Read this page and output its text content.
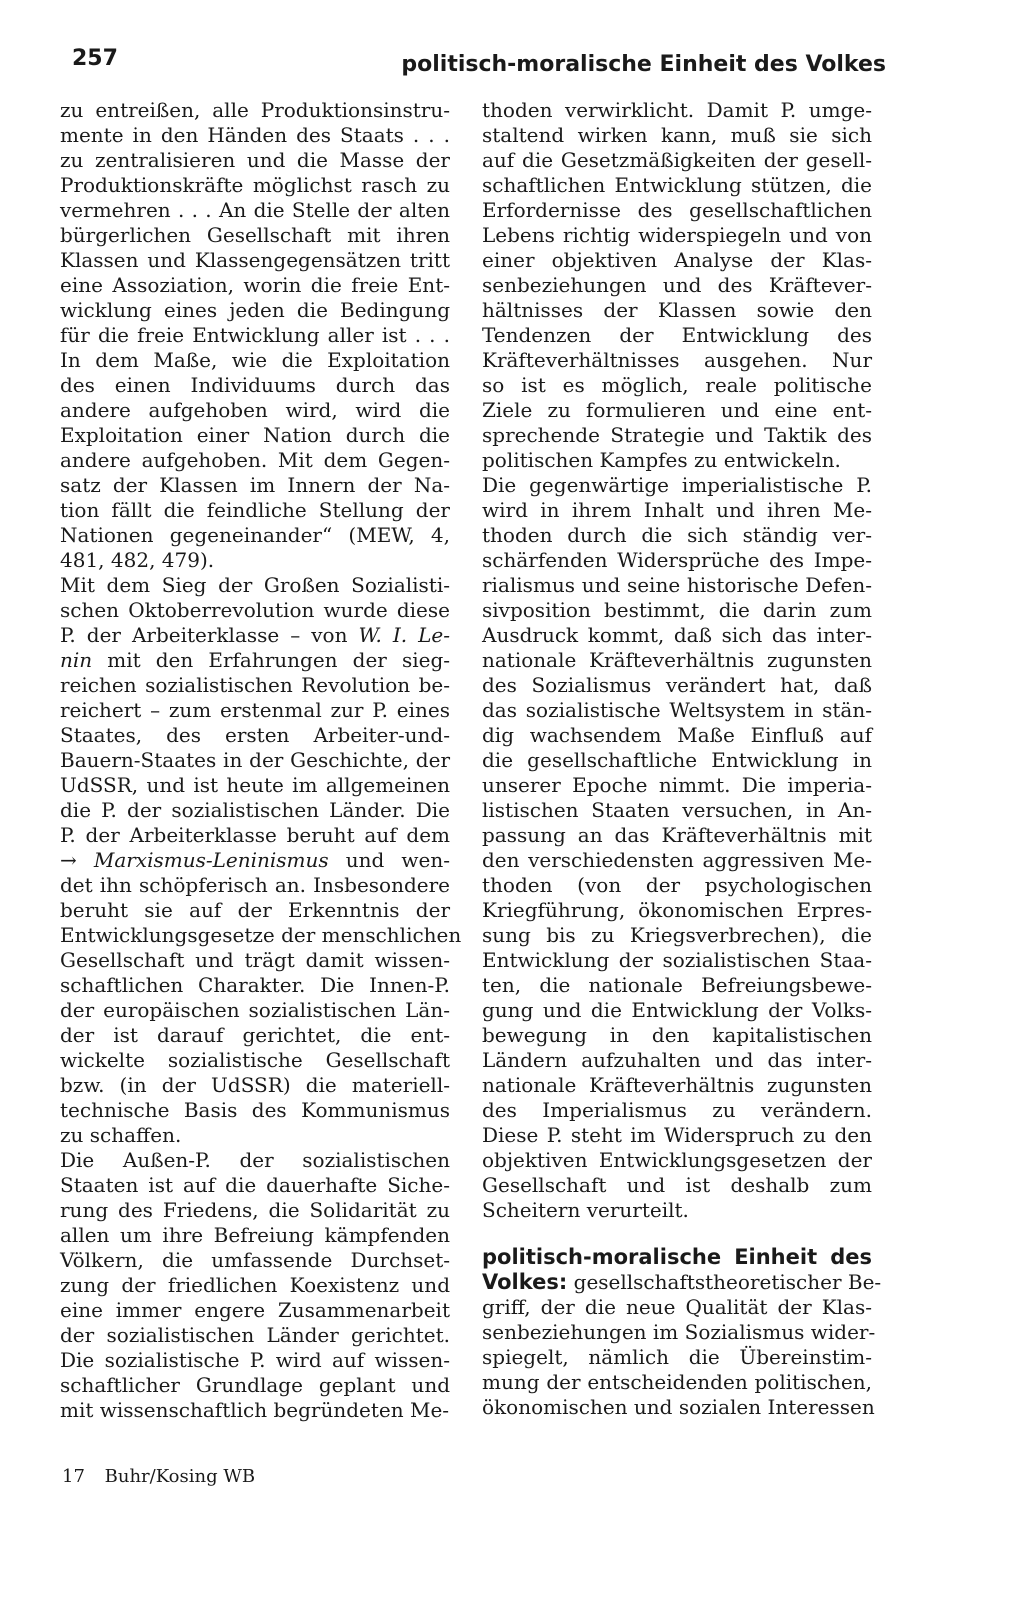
257	politisch-moralische Einheit des Volkes
zu entreißen, alle Produktionsinstru-
mente in den Händen des Staats . . .
zu zentralisieren und die Masse der
Produktionskräfte möglichst rasch zu
vermehren . . . An die Stelle der alten
bürgerlichen Gesellschaft mit ihren
Klassen und Klassengegensätzen tritt
eine Assoziation, worin die freie Ent-
wicklung eines jeden die Bedingung
für die freie Entwicklung aller ist . . .
In dem Maße, wie die Exploitation
des einen Individuums durch das
andere aufgehoben wird, wird die
Exploitation einer Nation durch die
andere aufgehoben. Mit dem Gegen-
satz der Klassen im Innern der Na-
tion fällt die feindliche Stellung der
Nationen gegeneinander“ (MEW, 4,
481, 482, 479).
Mit dem Sieg der Großen Sozialisti-
schen Oktoberrevolution wurde diese
P. der Arbeiterklasse – von W. I. Le-
nin mit den Erfahrungen der sieg-
reichen sozialistischen Revolution be-
reichert – zum erstenmal zur P. eines
Staates, des ersten Arbeiter-und-
Bauern-Staates in der Geschichte, der
UdSSR, und ist heute im allgemeinen
die P. der sozialistischen Länder. Die
P. der Arbeiterklasse beruht auf dem
→ Marxismus-Leninismus und wen-
det ihn schöpferisch an. Insbesondere
beruht sie auf der Erkenntnis der
Entwicklungsgesetze der menschlichen
Gesellschaft und trägt damit wissen-
schaftlichen Charakter. Die Innen-P.
der europäischen sozialistischen Län-
der ist darauf gerichtet, die ent-
wickelte sozialistische Gesellschaft
bzw. (in der UdSSR) die materiell-
technische Basis des Kommunismus
zu schaffen.
Die Außen-P. der sozialistischen
Staaten ist auf die dauerhafte Siche-
rung des Friedens, die Solidarität zu
allen um ihre Befreiung kämpfenden
Völkern, die umfassende Durchset-
zung der friedlichen Koexistenz und
eine immer engere Zusammenarbeit
der sozialistischen Länder gerichtet.
Die sozialistische P. wird auf wissen-
schaftlicher Grundlage geplant und
mit wissenschaftlich begründeten Me-
thoden verwirklicht. Damit P. umge-
staltend wirken kann, muß sie sich
auf die Gesetzmäßigkeiten der gesell-
schaftlichen Entwicklung stützen, die
Erfordernisse des gesellschaftlichen
Lebens richtig widerspiegeln und von
einer objektiven Analyse der Klas-
senbeziehungen und des Kräftever-
hältnisses der Klassen sowie den
Tendenzen der Entwicklung des
Kräfteverhältnisses ausgehen. Nur
so ist es möglich, reale politische
Ziele zu formulieren und eine ent-
sprechende Strategie und Taktik des
politischen Kampfes zu entwickeln.
Die gegenwärtige imperialistische P.
wird in ihrem Inhalt und ihren Me-
thoden durch die sich ständig ver-
schärfenden Widersprüche des Impe-
rialismus und seine historische Defen-
sivposition bestimmt, die darin zum
Ausdruck kommt, daß sich das inter-
nationale Kräfteverhältnis zugunsten
des Sozialismus verändert hat, daß
das sozialistische Weltsystem in stän-
dig wachsendem Maße Einfluß auf
die gesellschaftliche Entwicklung in
unserer Epoche nimmt. Die imperia-
listischen Staaten versuchen, in An-
passung an das Kräfteverhältnis mit
den verschiedensten aggressiven Me-
thoden (von der psychologischen
Kriegführung, ökonomischen Erpres-
sung bis zu Kriegsverbrechen), die
Entwicklung der sozialistischen Staa-
ten, die nationale Befreiungsbewe-
gung und die Entwicklung der Volks-
bewegung in den kapitalistischen
Ländern aufzuhalten und das inter-
nationale Kräfteverhältnis zugunsten
des Imperialismus zu verändern.
Diese P. steht im Widerspruch zu den
objektiven Entwicklungsgesetzen der
Gesellschaft und ist deshalb zum
Scheitern verurteilt.
politisch-moralische Einheit des
Volkes: gesellschaftstheoretischer Be-
griff, der die neue Qualität der Klas-
senbeziehungen im Sozialismus wider-
spiegelt, nämlich die Übereinstim-
mung der entscheidenden politischen,
ökonomischen und sozialen Interessen
17 Buhr/Kosing WB
